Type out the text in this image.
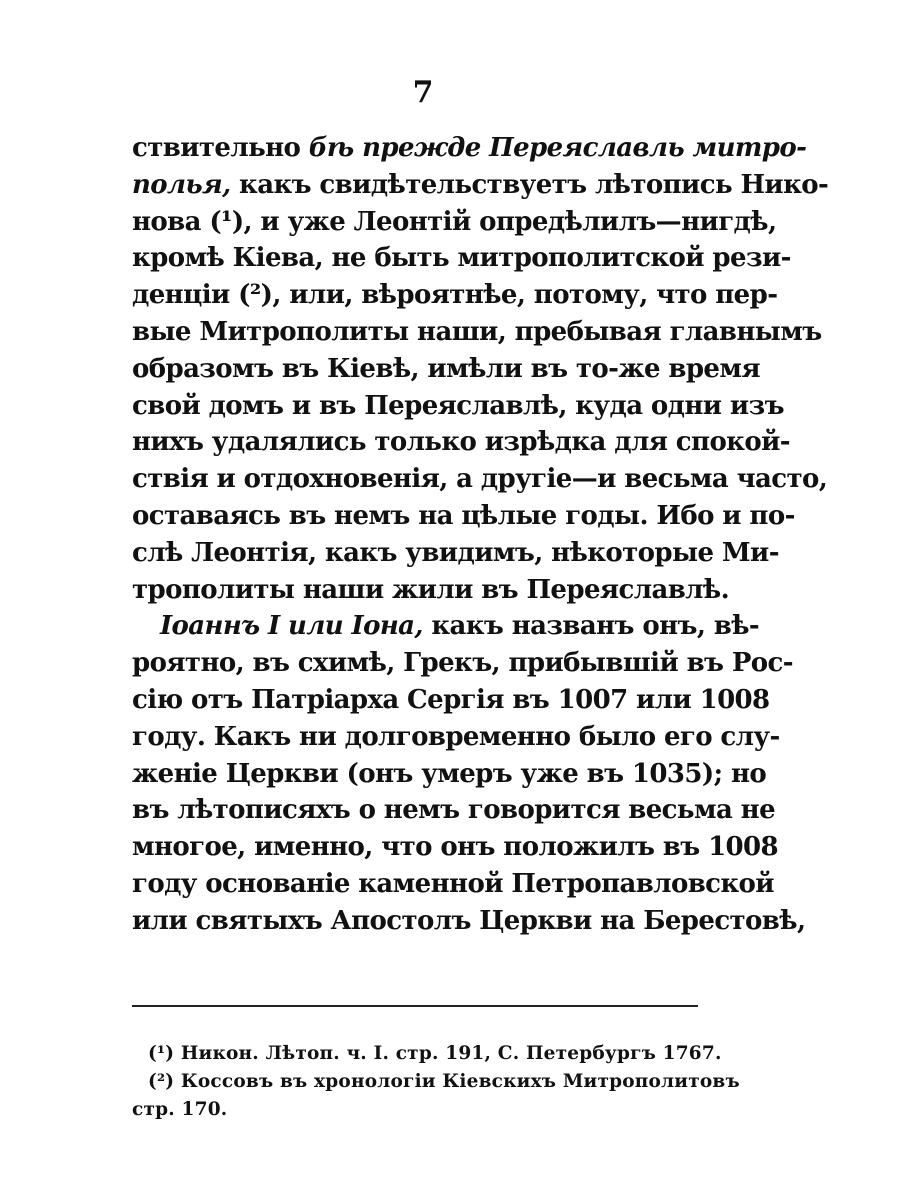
7
ствительно бѣ прежде Переяславль митро-
полья, какъ свидѣтельствуетъ лѣтопись Нико-
нова (¹), и уже Леонтій опредѣлилъ—нигдѣ,
кромѣ Кіева, не быть митрополитской рези-
денціи (²), или, вѣроятнѣе, потому, что пер-
вые Митрополиты наши, пребывая главнымъ
образомъ въ Кіевѣ, имѣли въ то-же время
свой домъ и въ Переяславлѣ, куда одни изъ
нихъ удалялись только изрѣдка для спокой-
ствія и отдохновенія, а другіе—и весьма часто,
оставаясь въ немъ на цѣлые годы. Ибо и по-
слѣ Леонтія, какъ увидимъ, нѣкоторые Ми-
трополиты наши жили въ Переяславлѣ.
Іоаннъ I или Іона, какъ названъ онъ, вѣ-
роятно, въ схимѣ, Грекъ, прибывшій въ Рос-
сію отъ Патріарха Сергія въ 1007 или 1008
году. Какъ ни долговременно было его слу-
женіе Церкви (онъ умеръ уже въ 1035); но
въ лѣтописяхъ о немъ говорится весьма не
многое, именно, что онъ положилъ въ 1008
году основаніе каменной Петропавловской
или святыхъ Апостолъ Церкви на Берестовѣ,
(¹) Никон. Лѣтоп. ч. I. стр. 191, С. Петербургъ 1767.
(²) Коссовъ въ хронологіи Кіевскихъ Митрополитовъ
стр. 170.
